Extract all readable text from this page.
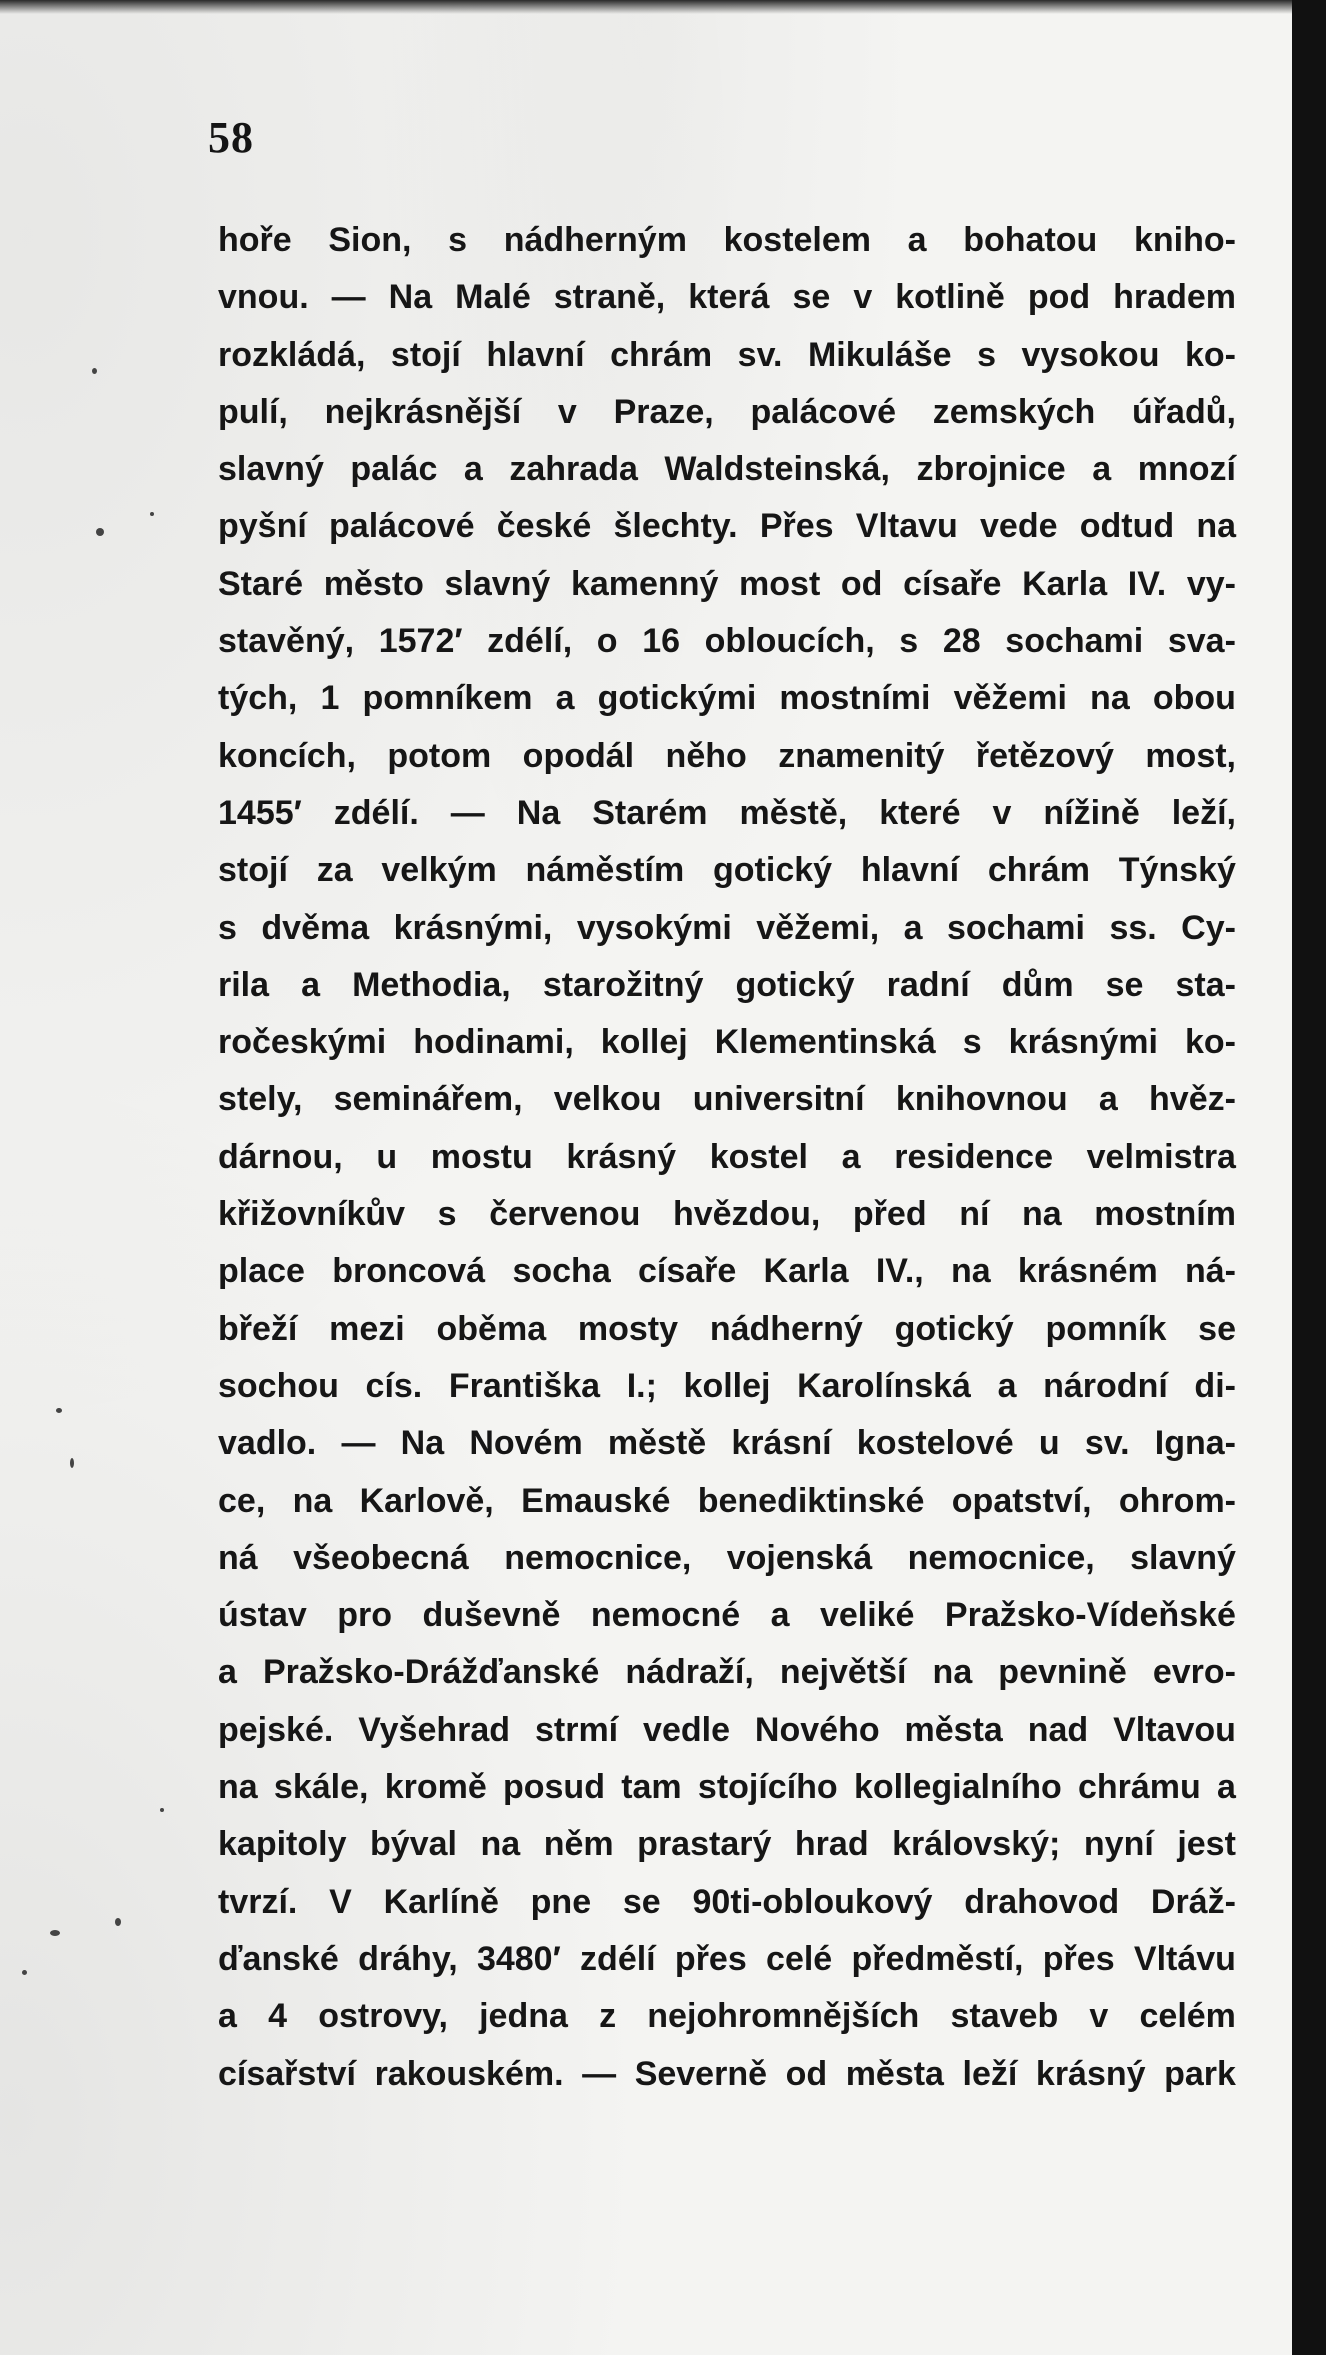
58
hoře Sion, s nádherným kostelem a bohatou kniho-
vnou. — Na Malé straně, která se v kotlině pod hradem
rozkládá, stojí hlavní chrám sv. Mikuláše s vysokou ko-
pulí, nejkrásnější v Praze, palácové zemských úřadů,
slavný palác a zahrada Waldsteinská, zbrojnice a mnozí
pyšní palácové české šlechty. Přes Vltavu vede odtud na
Staré město slavný kamenný most od císaře Karla IV. vy-
stavěný, 1572′ zdélí, o 16 obloucích, s 28 sochami sva-
tých, 1 pomníkem a gotickými mostními věžemi na obou
koncích, potom opodál něho znamenitý řetězový most,
1455′ zdélí. — Na Starém městě, které v nížině leží,
stojí za velkým náměstím gotický hlavní chrám Týnský
s dvěma krásnými, vysokými věžemi, a sochami ss. Cy-
rila a Methodia, starožitný gotický radní dům se sta-
ročeskými hodinami, kollej Klementinská s krásnými ko-
stely, seminářem, velkou universitní knihovnou a hvěz-
dárnou, u mostu krásný kostel a residence velmistra
křižovníkův s červenou hvězdou, před ní na mostním
place broncová socha císaře Karla IV., na krásném ná-
břeží mezi oběma mosty nádherný gotický pomník se
sochou cís. Františka I.; kollej Karolínská a národní di-
vadlo. — Na Novém městě krásní kostelové u sv. Igna-
ce, na Karlově, Emauské benediktinské opatství, ohrom-
ná všeobecná nemocnice, vojenská nemocnice, slavný
ústav pro duševně nemocné a veliké Pražsko-Vídeňské
a Pražsko-Drážďanské nádraží, největší na pevnině evro-
pejské. Vyšehrad strmí vedle Nového města nad Vltavou
na skále, kromě posud tam stojícího kollegialního chrámu a
kapitoly býval na něm prastarý hrad královský; nyní jest
tvrzí. V Karlíně pne se 90ti-obloukový drahovod Dráž-
ďanské dráhy, 3480′ zdélí přes celé předměstí, přes Vltávu
a 4 ostrovy, jedna z nejohromnějších staveb v celém
císařství rakouském. — Severně od města leží krásný park
